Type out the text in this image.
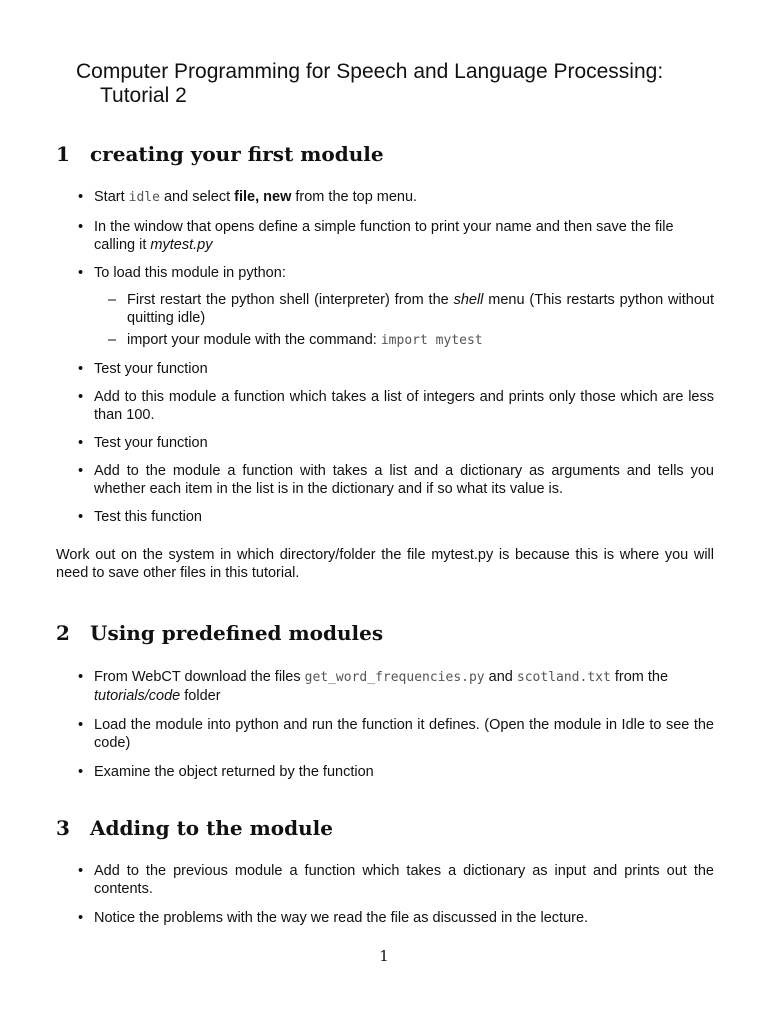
Computer Programming for Speech and Language Processing:
Tutorial 2
1 creating your first module
• Start idle and select file, new from the top menu.
• In the window that opens define a simple function to print your name and then save the file calling it mytest.py
• To load this module in python:
– First restart the python shell (interpreter) from the shell menu (This restarts python without quitting idle)
– import your module with the command: import mytest
• Test your function
• Add to this module a function which takes a list of integers and prints only those which are less than 100.
• Test your function
• Add to the module a function with takes a list and a dictionary as arguments and tells you whether each item in the list is in the dictionary and if so what its value is.
• Test this function

Work out on the system in which directory/folder the file mytest.py is because this is where you will need to save other files in this tutorial.

2 Using predefined modules
• From WebCT download the files get_word_frequencies.py and scotland.txt from the tutorials/code folder
• Load the module into python and run the function it defines. (Open the module in Idle to see the code)
• Examine the object returned by the function
3 Adding to the module
• Add to the previous module a function which takes a dictionary as input and prints out the contents.
• Notice the problems with the way we read the file as discussed in the lecture.
1
